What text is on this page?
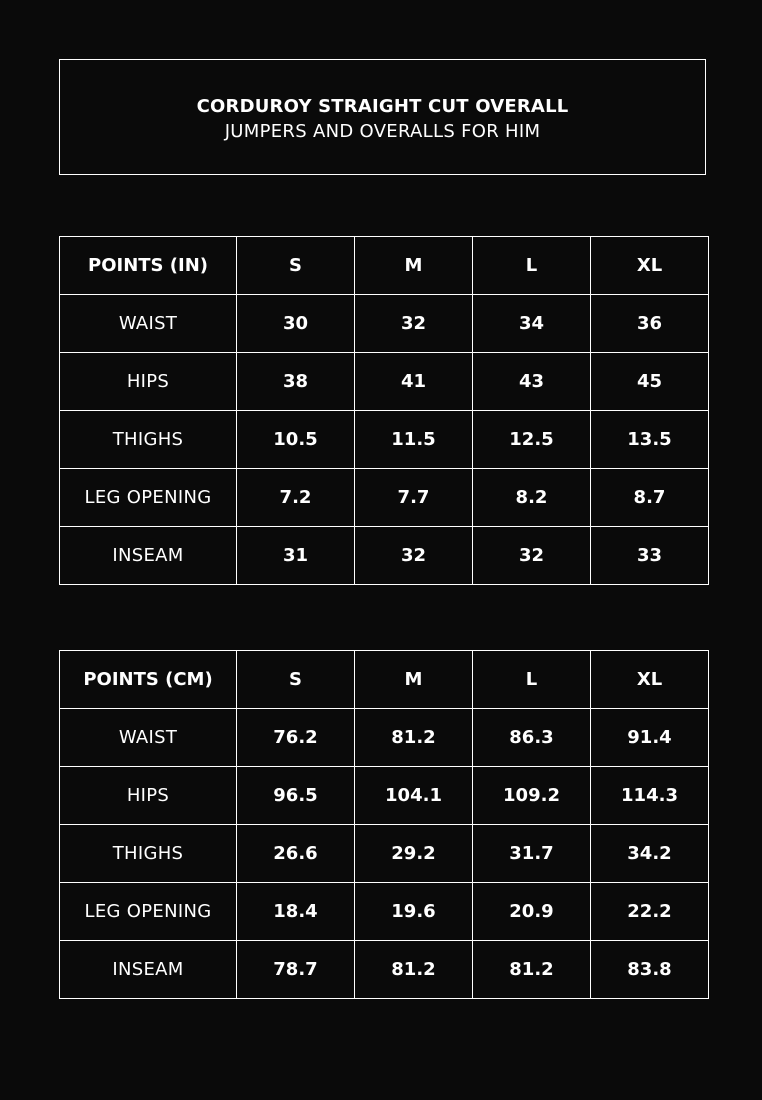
CORDUROY STRAIGHT CUT OVERALL
JUMPERS AND OVERALLS FOR HIM
POINTS (IN)	S	M	L	XL
WAIST	30	32	34	36
HIPS	38	41	43	45
THIGHS	10.5	11.5	12.5	13.5
LEG OPENING	7.2	7.7	8.2	8.7
INSEAM	31	32	32	33
POINTS (CM)	S	M	L	XL
WAIST	76.2	81.2	86.3	91.4
HIPS	96.5	104.1	109.2	114.3
THIGHS	26.6	29.2	31.7	34.2
LEG OPENING	18.4	19.6	20.9	22.2
INSEAM	78.7	81.2	81.2	83.8
